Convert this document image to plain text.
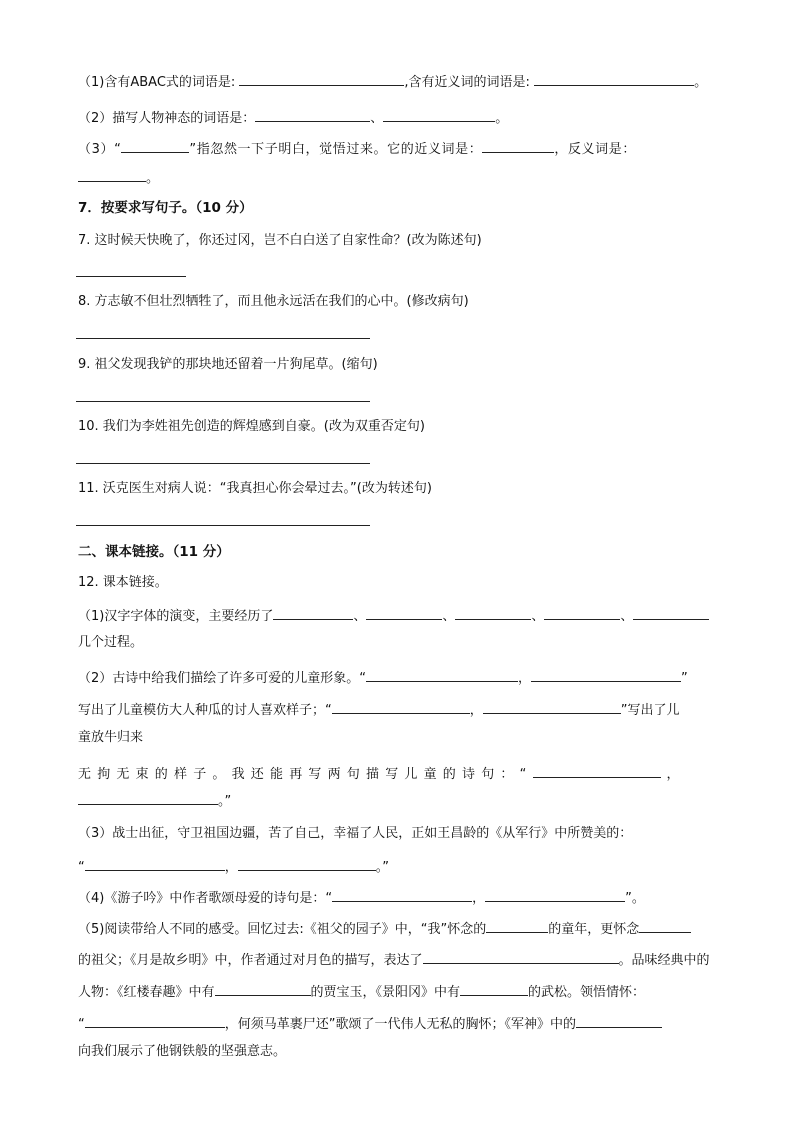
（1)含有ABAC式的词语是:	,含有近义词的词语是:	。
（2）描写人物神态的词语是：	、	。
（3）“	”指忽然一下子明白，觉悟过来。它的近义词是：	，反义词是：
。
7．按要求写句子。（10 分）
7. 这时候天快晚了，你还过冈，岂不白白送了自家性命？(改为陈述句)
8. 方志敏不但壮烈牺牲了，而且他永远活在我们的心中。(修改病句)
9. 祖父发现我铲的那块地还留着一片狗尾草。(缩句)
10. 我们为李姓祖先创造的辉煌感到自豪。(改为双重否定句)
11. 沃克医生对病人说：“我真担心你会晕过去。”(改为转述句)
二、课本链接。（11 分）
12. 课本链接。
（1)汉字字体的演变，主要经历了	、	、	、	、
几个过程。
（2）古诗中给我们描绘了许多可爱的儿童形象。“	，	”
写出了儿童模仿大人种瓜的讨人喜欢样子；“	，	”写出了儿
童放牛归来
无拘无束的样子。我还能再写两句描写儿童的诗句：“	，
。”
（3）战士出征，守卫祖国边疆，苦了自己，幸福了人民，正如王昌龄的《从军行》中所赞美的：
“	，	。”
（4)《游子吟》中作者歌颂母爱的诗句是：“	，	”。
（5)阅读带给人不同的感受。回忆过去:《祖父的园子》中，“我”怀念的	的童年，更怀念
的祖父；《月是故乡明》中，作者通过对月色的描写，表达了	。品味经典中的
人物：《红楼春趣》中有	的贾宝玉，《景阳冈》中有	的武松。领悟情怀：
“	，何须马革裹尸还”歌颂了一代伟人无私的胸怀；《军神》中的
向我们展示了他钢铁般的坚强意志。
